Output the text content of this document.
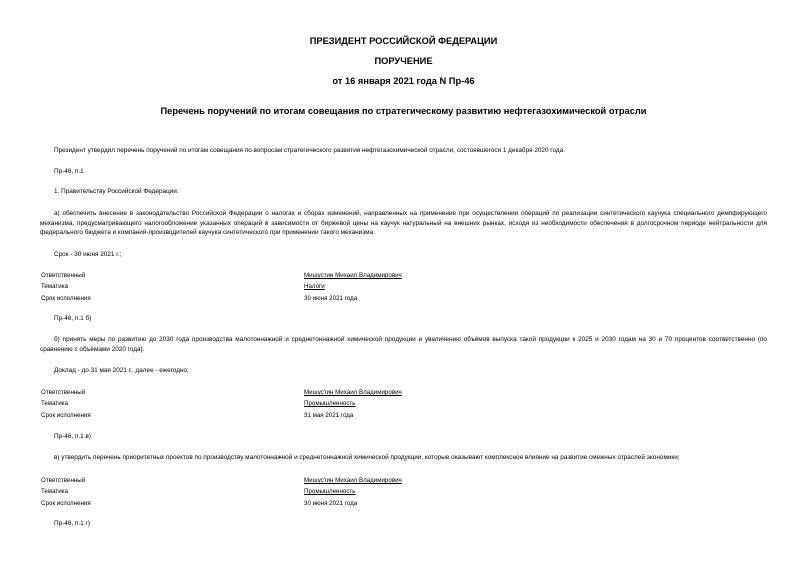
ПРЕЗИДЕНТ РОССИЙСКОЙ ФЕДЕРАЦИИ
ПОРУЧЕНИЕ
от 16 января 2021 года N Пр-46
Перечень поручений по итогам совещания по стратегическому развитию нефтегазохимической отрасли
Президент утвердил перечень поручений по итогам совещания по вопросам стратегического развития нефтегазохимической отрасли, состоявшегося 1 декабря 2020 года.
Пр-46, п.1
1. Правительству Российской Федерации:
а) обеспечить внесение в законодательство Российской Федерации о налогах и сборах изменений, направленных на применение при осуществлении операций по реализации синтетического каучука специального демпфирующего механизма, предусматривающего налогообложение указанных операций в зависимости от биржевой цены на каучук натуральный на внешних рынках, исходя из необходимости обеспечения в долгосрочном периоде нейтральности для федерального бюджета и компаний-производителей каучука синтетического при применении такого механизма.
Срок - 30 июня 2021 г.;
Ответственный	Мишустин Михаил Владимирович
Тематика	Налоги
Срок исполнения	30 июня 2021 года
Пр-46, п.1 б)
б) принять меры по развитию до 2030 года производства малотоннажной и среднетоннажной химической продукции и увеличению объёмов выпуска такой продукции к 2025 и 2030 годам на 30 и 70 процентов соответственно (по сравнению с объёмами 2020 года).
Доклад - до 31 мая 2021 г., далее - ежегодно;
Ответственный	Мишустин Михаил Владимирович
Тематика	Промышленность
Срок исполнения	31 мая 2021 года
Пр-46, п.1 в)
в) утвердить перечень приоритетных проектов по производству малотоннажной и среднетоннажной химической продукции, которые оказывают комплексное влияние на развитие смежных отраслей экономики;
Ответственный	Мишустин Михаил Владимирович
Тематика	Промышленность
Срок исполнения	30 июня 2021 года
Пр-46, п.1 г)
